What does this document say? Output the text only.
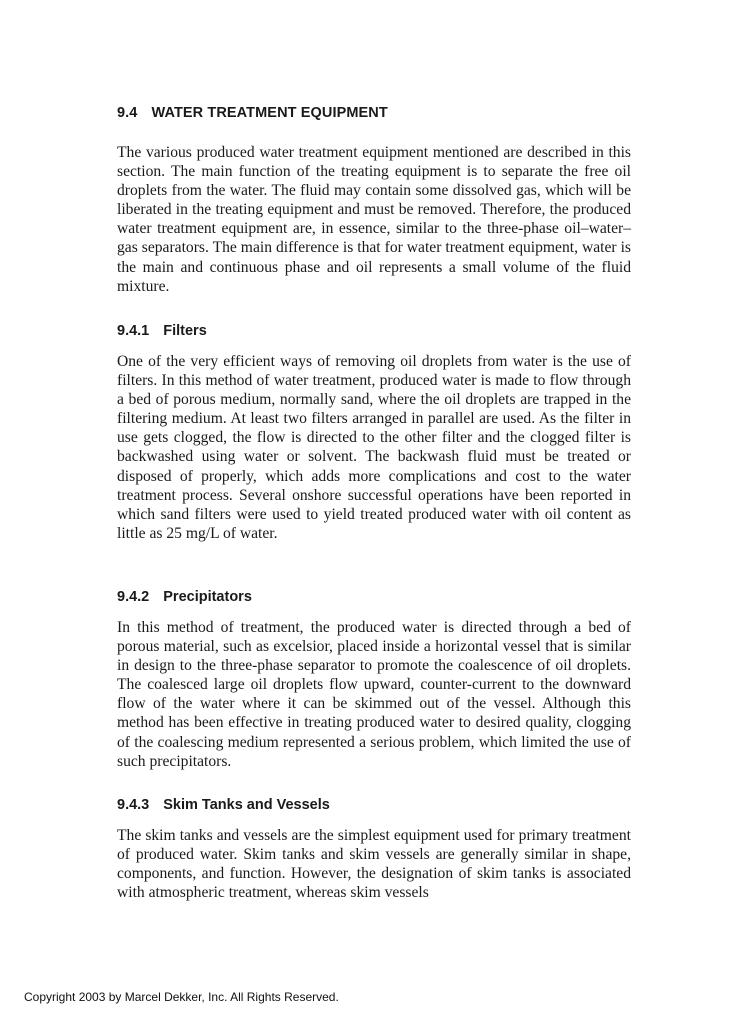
9.4 WATER TREATMENT EQUIPMENT

The various produced water treatment equipment mentioned are described in this section. The main function of the treating equipment is to separate the free oil droplets from the water. The fluid may contain some dissolved gas, which will be liberated in the treating equipment and must be removed. Therefore, the produced water treatment equipment are, in essence, similar to the three-phase oil–water–gas separators. The main difference is that for water treatment equipment, water is the main and continuous phase and oil represents a small volume of the fluid mixture.

9.4.1 Filters

One of the very efficient ways of removing oil droplets from water is the use of filters. In this method of water treatment, produced water is made to flow through a bed of porous medium, normally sand, where the oil droplets are trapped in the filtering medium. At least two filters arranged in parallel are used. As the filter in use gets clogged, the flow is directed to the other filter and the clogged filter is backwashed using water or solvent. The backwash fluid must be treated or disposed of properly, which adds more complications and cost to the water treatment process. Several onshore successful operations have been reported in which sand filters were used to yield treated produced water with oil content as little as 25 mg/L of water.

9.4.2 Precipitators

In this method of treatment, the produced water is directed through a bed of porous material, such as excelsior, placed inside a horizontal vessel that is similar in design to the three-phase separator to promote the coalescence of oil droplets. The coalesced large oil droplets flow upward, counter-current to the downward flow of the water where it can be skimmed out of the vessel. Although this method has been effective in treating produced water to desired quality, clogging of the coalescing medium represented a serious problem, which limited the use of such precipitators.

9.4.3 Skim Tanks and Vessels

The skim tanks and vessels are the simplest equipment used for primary treatment of produced water. Skim tanks and skim vessels are generally similar in shape, components, and function. However, the designation of skim tanks is associated with atmospheric treatment, whereas skim vessels

Copyright 2003 by Marcel Dekker, Inc. All Rights Reserved.
